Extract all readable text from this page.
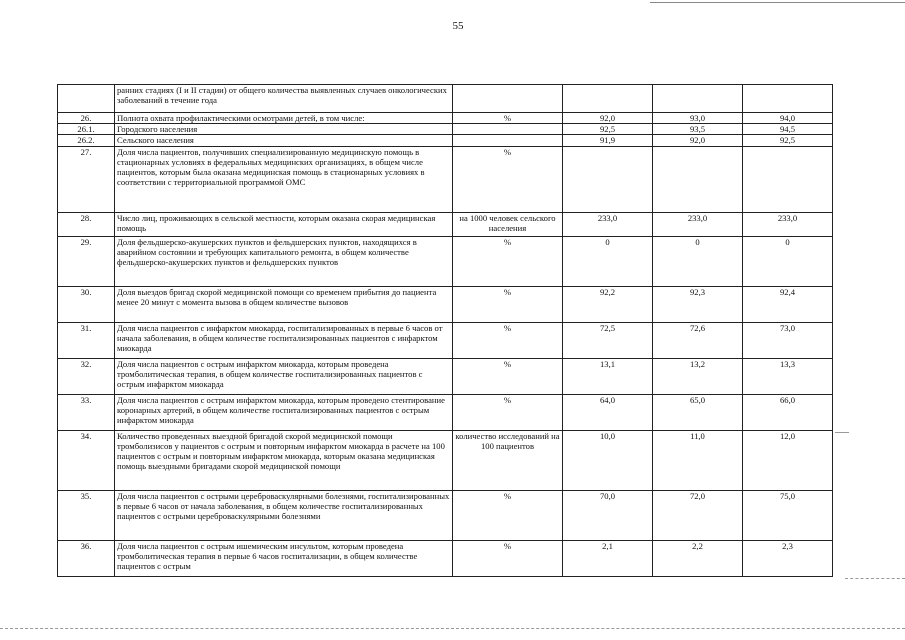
55
	ранних стадиях (I и II стадии) от общего количества выявленных случаев онкологических заболеваний в течение года				
26.	Полнота охвата профилактическими осмотрами детей, в том числе:	%	92,0	93,0	94,0
26.1.	Городского населения		92,5	93,5	94,5
26.2.	Сельского населения		91,9	92,0	92,5
27.	Доля числа пациентов, получивших специализированную медицинскую помощь в стационарных условиях в федеральных медицинских организациях, в общем числе пациентов, которым была оказана медицинская помощь в стационарных условиях в соответствии с территориальной программой ОМС	%			
28.	Число лиц, проживающих в сельской местности, которым оказана скорая медицинская помощь	на 1000 человек сельского населения	233,0	233,0	233,0
29.	Доля фельдшерско-акушерских пунктов и фельдшерских пунктов, находящихся в аварийном состоянии и требующих капитального ремонта, в общем количестве фельдшерско-акушерских пунктов и фельдшерских пунктов	%	0	0	0
30.	Доля выездов бригад скорой медицинской помощи со временем прибытия до пациента менее 20 минут с момента вызова в общем количестве вызовов	%	92,2	92,3	92,4
31.	Доля числа пациентов с инфарктом миокарда, госпитализированных в первые 6 часов от начала заболевания, в общем количестве госпитализированных пациентов с инфарктом миокарда	%	72,5	72,6	73,0
32.	Доля числа пациентов с острым инфарктом миокарда, которым проведена тромболитическая терапия, в общем количестве госпитализированных пациентов с острым инфарктом миокарда	%	13,1	13,2	13,3
33.	Доля числа пациентов с острым инфарктом миокарда, которым проведено стентирование коронарных артерий, в общем количестве госпитализированных пациентов с острым инфарктом миокарда	%	64,0	65,0	66,0
34.	Количество проведенных выездной бригадой скорой медицинской помощи тромболизисов у пациентов с острым и повторным инфарктом миокарда в расчете на 100 пациентов с острым и повторным инфарктом миокарда, которым оказана медицинская помощь выездными бригадами скорой медицинской помощи	количество исследований на 100 пациентов	10,0	11,0	12,0
35.	Доля числа пациентов с острыми цереброваскулярными болезнями, госпитализированных в первые 6 часов от начала заболевания, в общем количестве госпитализированных пациентов с острыми цереброваскулярными болезнями	%	70,0	72,0	75,0
36.	Доля числа пациентов с острым ишемическим инсультом, которым проведена тромболитическая терапия в первые 6 часов госпитализации, в общем количестве пациентов с острым	%	2,1	2,2	2,3
